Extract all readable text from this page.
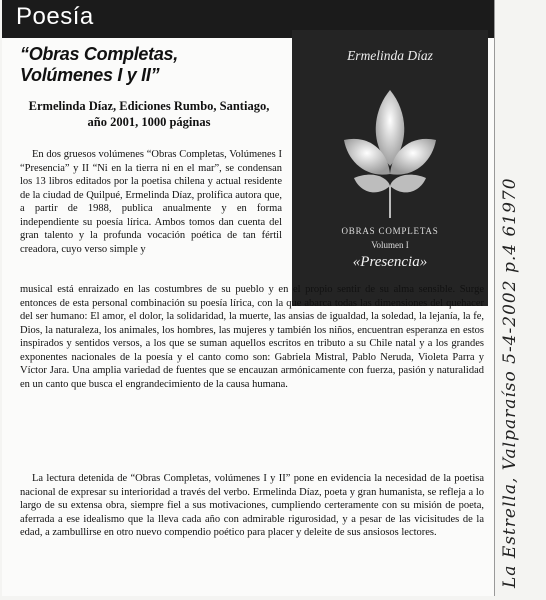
Poesía
“Obras Completas, Volúmenes I y II”
Ermelinda Díaz, Ediciones Rumbo, Santiago, año 2001, 1000 páginas
Ermelinda Díaz
OBRAS COMPLETAS
Volumen I
«Presencia»

En dos gruesos volúmenes “Obras Completas, Volúmenes I “Presencia” y II “Ni en la tierra ni en el mar”, se condensan los 13 libros editados por la poetisa chilena y actual residente de la ciudad de Quilpué, Ermelinda Díaz, prolífica autora que, a partir de 1988, publica anualmente y en forma independiente su poesía lírica. Ambos tomos dan cuenta del gran talento y la profunda vocación poética de tan fértil creadora, cuyo verso simple y

musical está enraizado en las costumbres de su pueblo y en el propio sentir de su alma sensible. Surge entonces de esta personal combinación su poesía lírica, con la que abarca todas las dimensiones del quehacer del ser humano: El amor, el dolor, la solidaridad, la muerte, las ansias de igualdad, la soledad, la lejanía, la fe, Dios, la naturaleza, los animales, los hombres, las mujeres y también los niños, encuentran esperanza en estos inspirados y sentidos versos, a los que se suman aquellos escritos en tributo a su Chile natal y a los grandes exponentes nacionales de la poesía y el canto como son: Gabriela Mistral, Pablo Neruda, Violeta Parra y Víctor Jara. Una amplia variedad de fuentes que se encauzan armónicamente con fuerza, pasión y naturalidad en un canto que busca el engrandecimiento de la causa humana.

La lectura detenida de “Obras Completas, volúmenes I y II” pone en evidencia la necesidad de la poetisa nacional de expresar su interioridad a través del verbo. Ermelinda Díaz, poeta y gran humanista, se refleja a lo largo de su extensa obra, siempre fiel a sus motivaciones, cumpliendo certeramente con su misión de poeta, aferrada a ese idealismo que la lleva cada año con admirable rigurosidad, y a pesar de las vicisitudes de la edad, a zambullirse en otro nuevo compendio poético para placer y deleite de sus ansiosos lectores.	La Estrella, Valparaíso 5-4-2002 p.4 61970
